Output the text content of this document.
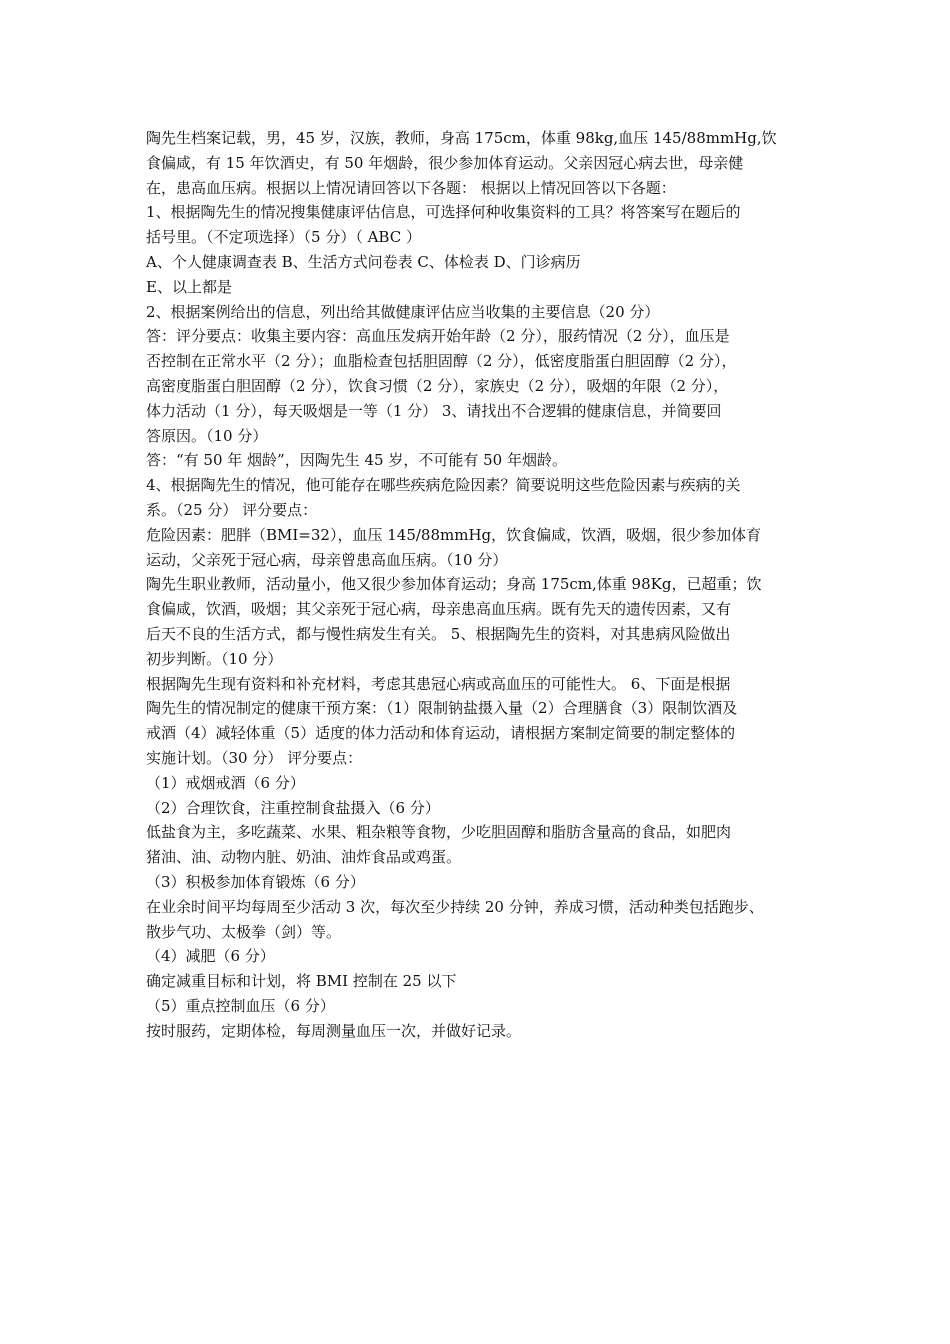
陶先生档案记载，男，45 岁，汉族，教师，身高 175cm，体重 98kg,血压 145/88mmHg,饮
食偏咸，有 15 年饮酒史，有 50 年烟龄，很少参加体育运动。父亲因冠心病去世，母亲健
在，患高血压病。根据以上情况请回答以下各题： 根据以上情况回答以下各题：
1、根据陶先生的情况搜集健康评估信息，可选择何种收集资料的工具？将答案写在题后的
括号里。（不定项选择）（5 分）（ ABC ）
A、个人健康调查表 B、生活方式问卷表 C、体检表 D、门诊病历
E、以上都是
2、根据案例给出的信息，列出给其做健康评估应当收集的主要信息（20 分）
答：评分要点：收集主要内容：高血压发病开始年龄（2 分），服药情况（2 分），血压是
否控制在正常水平（2 分）；血脂检查包括胆固醇（2 分），低密度脂蛋白胆固醇（2 分），
高密度脂蛋白胆固醇（2 分），饮食习惯（2 分），家族史（2 分），吸烟的年限（2 分），
体力活动（1 分），每天吸烟是一等（1 分） 3、请找出不合逻辑的健康信息，并简要回
答原因。（10 分）
答：“有 50 年 烟龄”，因陶先生 45 岁，不可能有 50 年烟龄。
4、根据陶先生的情况，他可能存在哪些疾病危险因素？简要说明这些危险因素与疾病的关
系。（25 分） 评分要点：
危险因素：肥胖（BMI=32），血压 145/88mmHg，饮食偏咸，饮酒，吸烟，很少参加体育
运动，父亲死于冠心病，母亲曾患高血压病。（10 分）
陶先生职业教师，活动量小，他又很少参加体育运动；身高 175cm,体重 98Kg，已超重；饮
食偏咸，饮酒，吸烟；其父亲死于冠心病，母亲患高血压病。既有先天的遗传因素，又有
后天不良的生活方式，都与慢性病发生有关。 5、根据陶先生的资料，对其患病风险做出
初步判断。（10 分）
根据陶先生现有资料和补充材料，考虑其患冠心病或高血压的可能性大。 6、下面是根据
陶先生的情况制定的健康干预方案：（1）限制钠盐摄入量（2）合理膳食（3）限制饮酒及
戒酒（4）减轻体重（5）适度的体力活动和体育运动，请根据方案制定简要的制定整体的
实施计划。（30 分） 评分要点：
（1）戒烟戒酒（6 分）
（2）合理饮食，注重控制食盐摄入（6 分）
低盐食为主，多吃蔬菜、水果、粗杂粮等食物，少吃胆固醇和脂肪含量高的食品，如肥肉
猪油、油、动物内脏、奶油、油炸食品或鸡蛋。
（3）积极参加体育锻炼（6 分）
在业余时间平均每周至少活动 3 次，每次至少持续 20 分钟，养成习惯，活动种类包括跑步、
散步气功、太极拳（剑）等。
（4）减肥（6 分）
确定减重目标和计划，将 BMI 控制在 25 以下
（5）重点控制血压（6 分）
按时服药，定期体检，每周测量血压一次，并做好记录。
